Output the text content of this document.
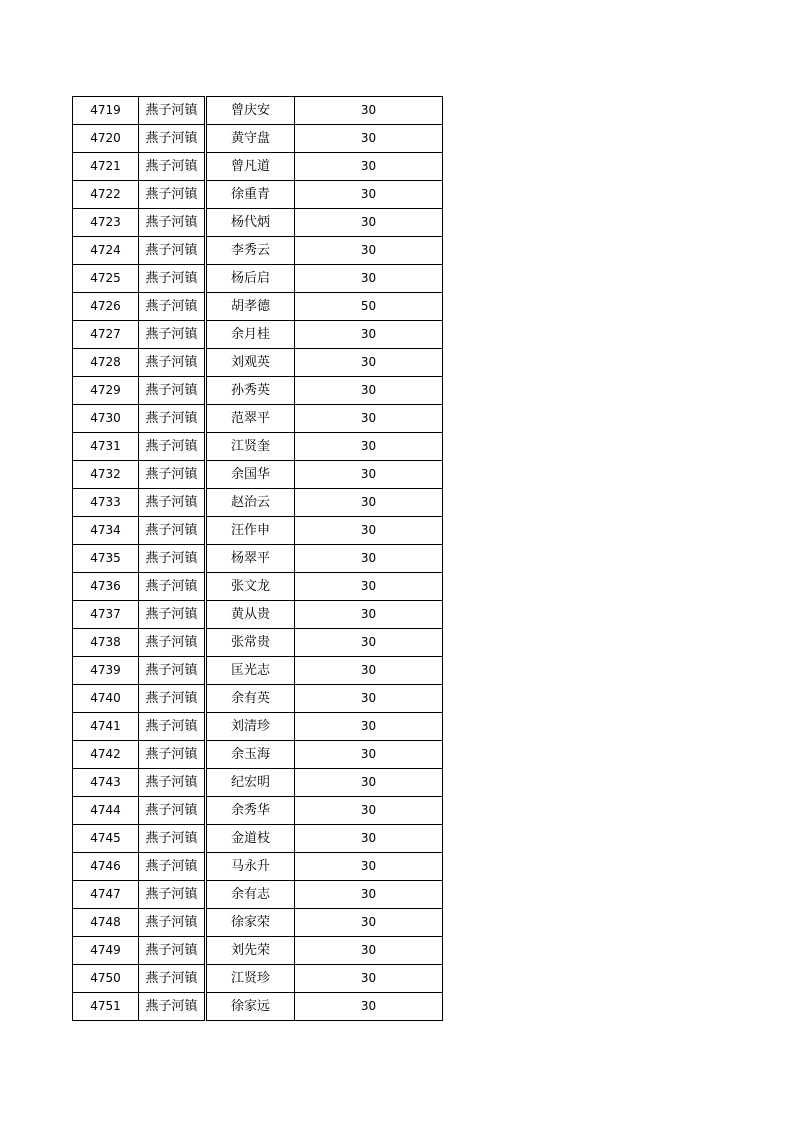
4719	燕子河镇	曾庆安	30
4720	燕子河镇	黄守盘	30
4721	燕子河镇	曾凡道	30
4722	燕子河镇	徐重青	30
4723	燕子河镇	杨代炳	30
4724	燕子河镇	李秀云	30
4725	燕子河镇	杨后启	30
4726	燕子河镇	胡孝德	50
4727	燕子河镇	余月桂	30
4728	燕子河镇	刘观英	30
4729	燕子河镇	孙秀英	30
4730	燕子河镇	范翠平	30
4731	燕子河镇	江贤奎	30
4732	燕子河镇	余国华	30
4733	燕子河镇	赵治云	30
4734	燕子河镇	汪作申	30
4735	燕子河镇	杨翠平	30
4736	燕子河镇	张文龙	30
4737	燕子河镇	黄从贵	30
4738	燕子河镇	张常贵	30
4739	燕子河镇	匡光志	30
4740	燕子河镇	余有英	30
4741	燕子河镇	刘清珍	30
4742	燕子河镇	余玉海	30
4743	燕子河镇	纪宏明	30
4744	燕子河镇	余秀华	30
4745	燕子河镇	金道枝	30
4746	燕子河镇	马永升	30
4747	燕子河镇	余有志	30
4748	燕子河镇	徐家荣	30
4749	燕子河镇	刘先荣	30
4750	燕子河镇	江贤珍	30
4751	燕子河镇	徐家远	30
